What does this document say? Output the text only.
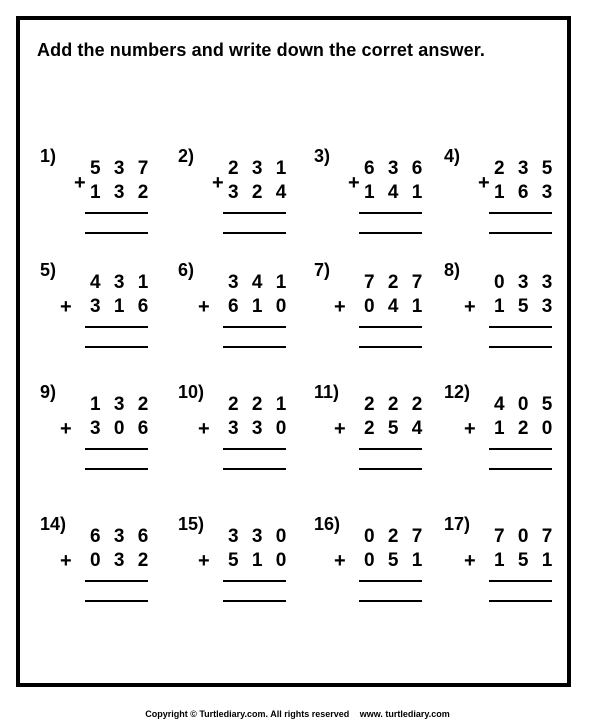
Add the numbers and write down the corret answer.
1)
+
5 3 7
1 3 2
2)
+
2 3 1
3 2 4
3)
+
6 3 6
1 4 1
4)
+
2 3 5
1 6 3
5)
+
4 3 1
3 1 6
6)
+
3 4 1
6 1 0
7)
+
7 2 7
0 4 1
8)
+
0 3 3
1 5 3
9)
+
1 3 2
3 0 6
10)
+
2 2 1
3 3 0
11)
+
2 2 2
2 5 4
12)
+
4 0 5
1 2 0
14)
+
6 3 6
0 3 2
15)
+
3 3 0
5 1 0
16)
+
0 2 7
0 5 1
17)
+
7 0 7
1 5 1
Copyright © Turtlediary.com. All rights reserved www. turtlediary.com
